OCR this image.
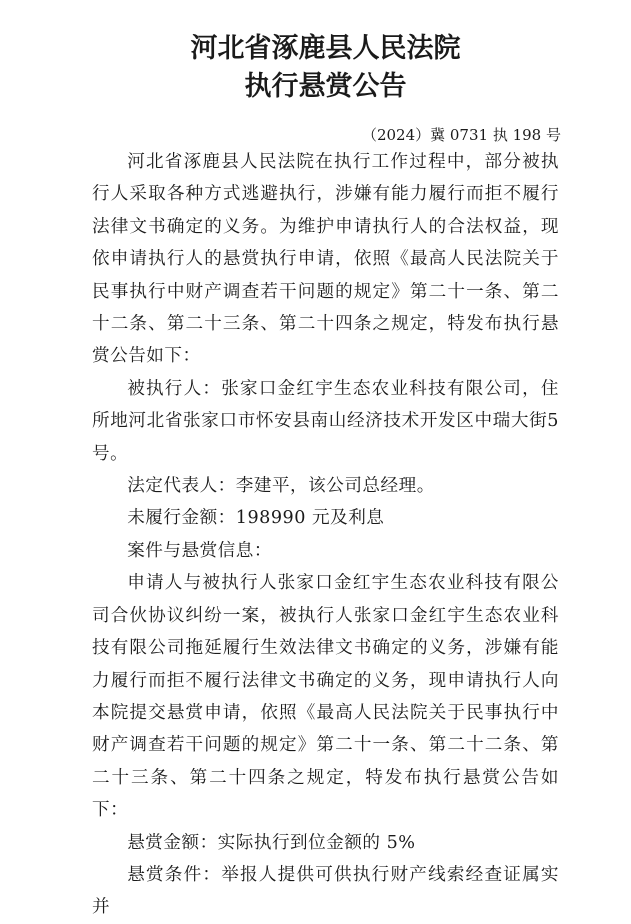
河北省涿鹿县人民法院
执行悬赏公告
（2024）冀 0731 执 198 号

河北省涿鹿县人民法院在执行工作过程中，部分被执行人采取各种方式逃避执行，涉嫌有能力履行而拒不履行法律文书确定的义务。为维护申请执行人的合法权益，现依申请执行人的悬赏执行申请，依照《最高人民法院关于民事执行中财产调查若干问题的规定》第二十一条、第二十二条、第二十三条、第二十四条之规定，特发布执行悬赏公告如下：

被执行人：张家口金红宇生态农业科技有限公司，住所地河北省张家口市怀安县南山经济技术开发区中瑞大街5号。

法定代表人：李建平，该公司总经理。

未履行金额：198990 元及利息

案件与悬赏信息：

申请人与被执行人张家口金红宇生态农业科技有限公司合伙协议纠纷一案，被执行人张家口金红宇生态农业科技有限公司拖延履行生效法律文书确定的义务，涉嫌有能力履行而拒不履行法律文书确定的义务，现申请执行人向本院提交悬赏申请，依照《最高人民法院关于民事执行中财产调查若干问题的规定》第二十一条、第二十二条、第二十三条、第二十四条之规定，特发布执行悬赏公告如下：

悬赏金额：实际执行到位金额的 5%

悬赏条件：举报人提供可供执行财产线索经查证属实并
